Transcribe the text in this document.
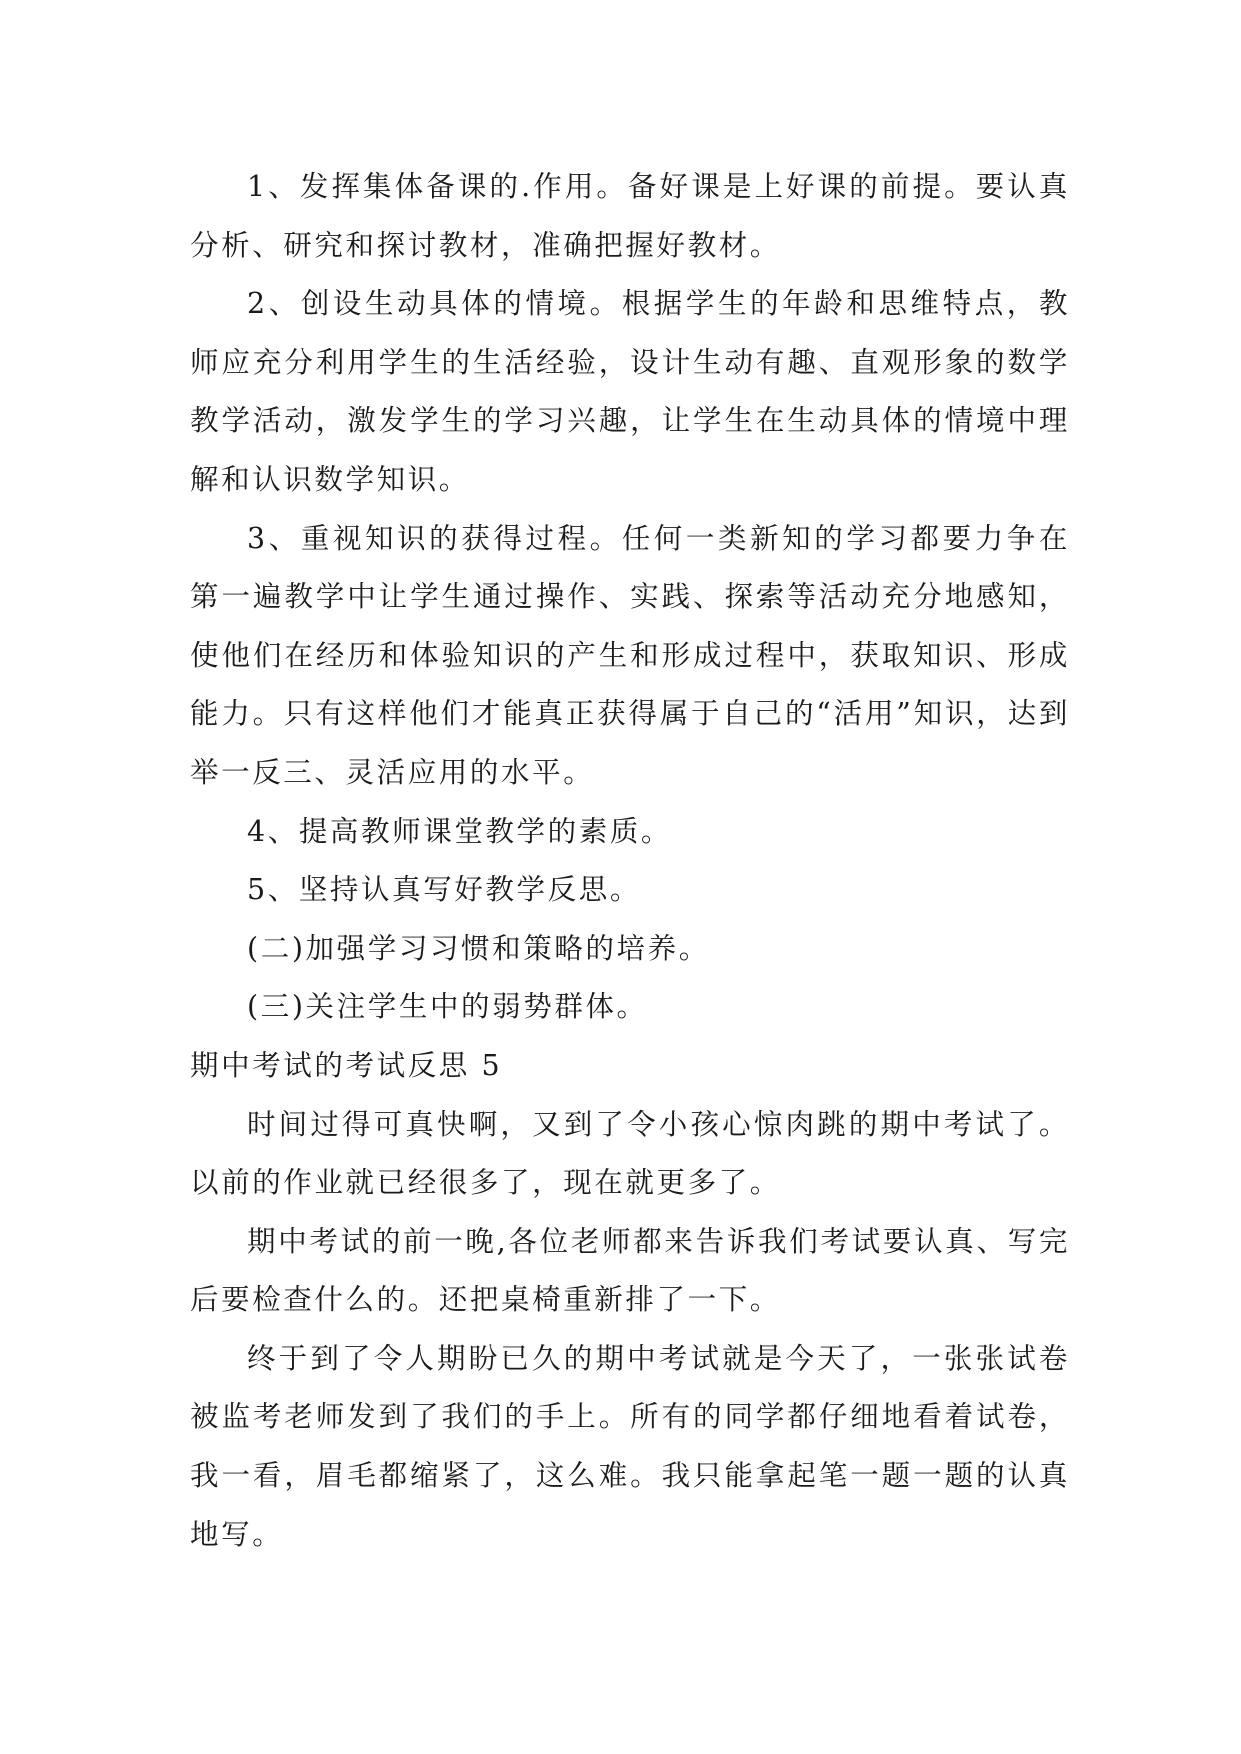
1、发挥集体备课的.作用。备好课是上好课的前提。要认真分析、研究和探讨教材，准确把握好教材。

2、创设生动具体的情境。根据学生的年龄和思维特点，教师应充分利用学生的生活经验，设计生动有趣、直观形象的数学教学活动，激发学生的学习兴趣，让学生在生动具体的情境中理解和认识数学知识。

3、重视知识的获得过程。任何一类新知的学习都要力争在第一遍教学中让学生通过操作、实践、探索等活动充分地感知，使他们在经历和体验知识的产生和形成过程中，获取知识、形成能力。只有这样他们才能真正获得属于自己的“活用”知识，达到举一反三、灵活应用的水平。

4、提高教师课堂教学的素质。

5、坚持认真写好教学反思。

(二)加强学习习惯和策略的培养。

(三)关注学生中的弱势群体。

期中考试的考试反思 5

时间过得可真快啊，又到了令小孩心惊肉跳的期中考试了。以前的作业就已经很多了，现在就更多了。

期中考试的前一晚,各位老师都来告诉我们考试要认真、写完后要检查什么的。还把桌椅重新排了一下。

终于到了令人期盼已久的期中考试就是今天了，一张张试卷被监考老师发到了我们的手上。所有的同学都仔细地看着试卷，我一看，眉毛都缩紧了，这么难。我只能拿起笔一题一题的认真地写。
